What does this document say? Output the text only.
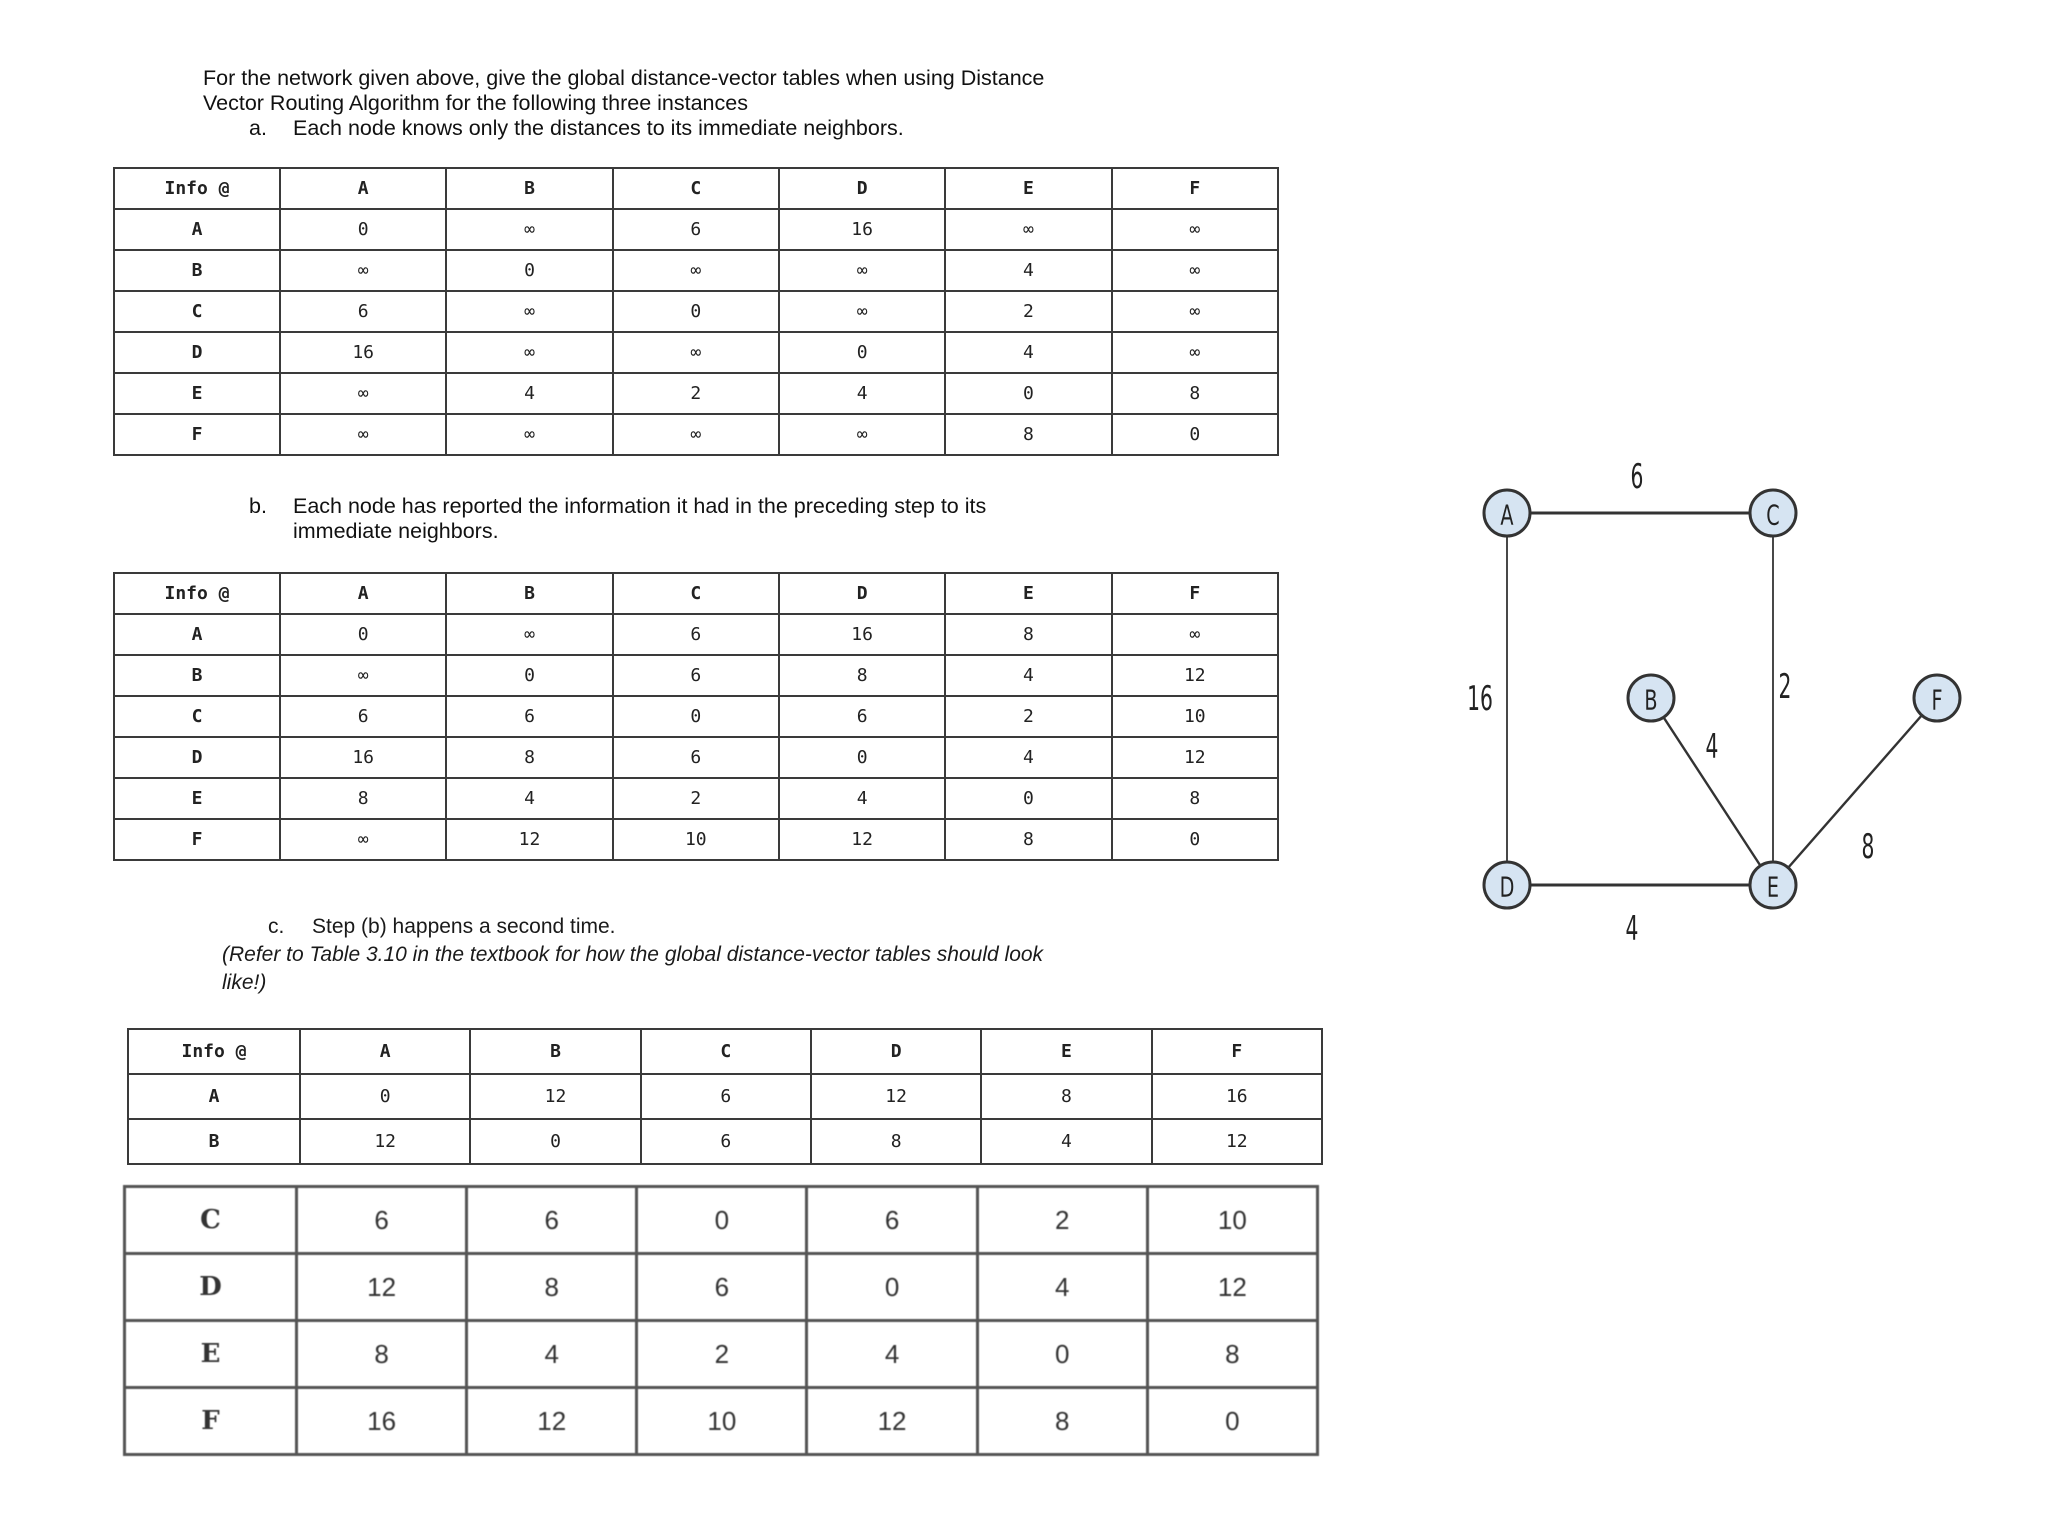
For the network given above, give the global distance-vector tables when using Distance
Vector Routing Algorithm for the following three instances
a.	Each node knows only the distances to its immediate neighbors.
Info @	A	B	C	D	E	F
A	0	∞	6	16	∞	∞
B	∞	0	∞	∞	4	∞
C	6	∞	0	∞	2	∞
D	16	∞	∞	0	4	∞
E	∞	4	2	4	0	8
F	∞	∞	∞	∞	8	0
b.	Each node has reported the information it had in the preceding step to its
immediate neighbors.
Info @	A	B	C	D	E	F
A	0	∞	6	16	8	∞
B	∞	0	6	8	4	12
C	6	6	0	6	2	10
D	16	8	6	0	4	12
E	8	4	2	4	0	8
F	∞	12	10	12	8	0
c.	Step (b) happens a second time.
(Refer to Table 3.10 in the textbook for how the global distance-vector tables should look
like!)
Info @	A	B	C	D	E	F
A	0	12	6	12	8	16
B	12	0	6	8	4	12
C	6	6	0	6	2	10
D	12	8	6	0	4	12
E	8	4	2	4	0	8
F	16	12	10	12	8	0
6
16
4
2
4
8
A
B
C
D	E
F
